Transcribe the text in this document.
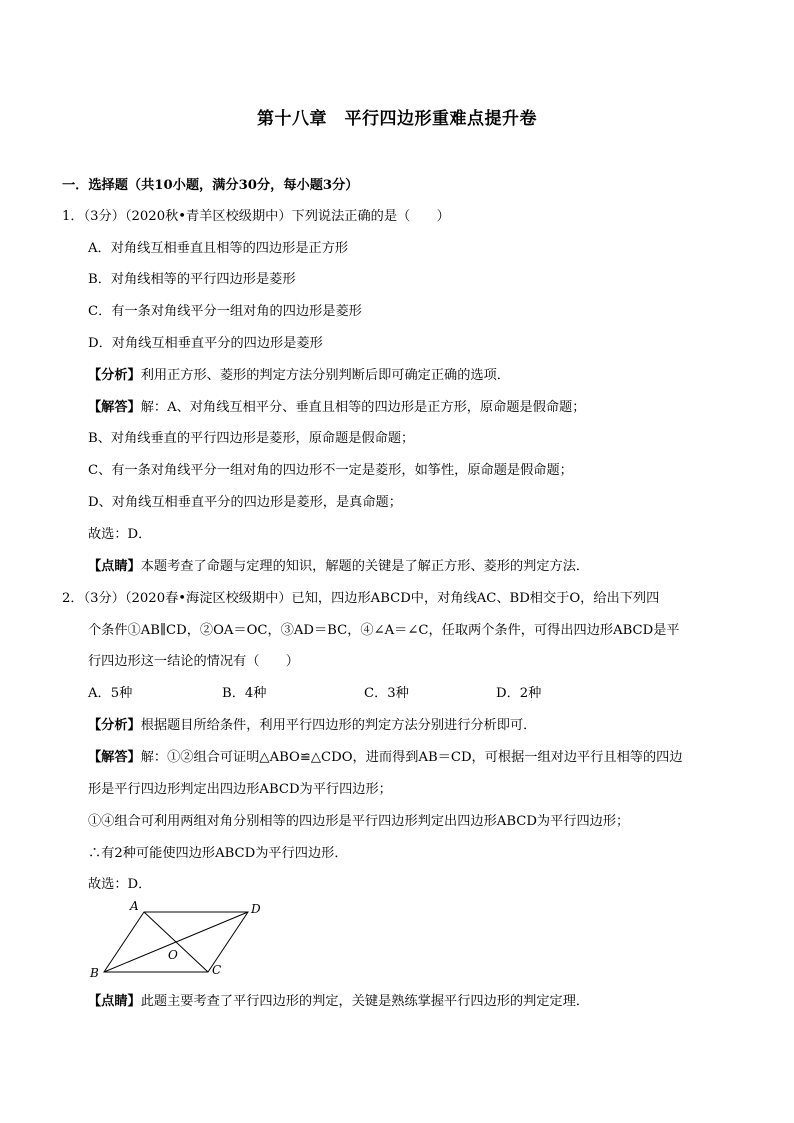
第十八章　平行四边形重难点提升卷
一．选择题（共10小题，满分30分，每小题3分）
1．（3分）（2020秋•青羊区校级期中）下列说法正确的是（　　）
A．对角线互相垂直且相等的四边形是正方形
B．对角线相等的平行四边形是菱形
C．有一条对角线平分一组对角的四边形是菱形
D．对角线互相垂直平分的四边形是菱形
【分析】利用正方形、菱形的判定方法分别判断后即可确定正确的选项．
【解答】解：A、对角线互相平分、垂直且相等的四边形是正方形，原命题是假命题；
B、对角线垂直的平行四边形是菱形，原命题是假命题；
C、有一条对角线平分一组对角的四边形不一定是菱形，如筝性，原命题是假命题；
D、对角线互相垂直平分的四边形是菱形，是真命题；
故选：D．
【点睛】本题考查了命题与定理的知识，解题的关键是了解正方形、菱形的判定方法．
2．（3分）（2020春•海淀区校级期中）已知，四边形ABCD中，对角线AC、BD相交于O，给出下列四
个条件①AB∥CD，②OA＝OC，③AD＝BC，④∠A＝∠C，任取两个条件，可得出四边形ABCD是平
行四边形这一结论的情况有（　　）
A．5种	B．4种	C．3种	D．2种
【分析】根据题目所给条件，利用平行四边形的判定方法分别进行分析即可．
【解答】解：①②组合可证明△ABO≌△CDO，进而得到AB＝CD，可根据一组对边平行且相等的四边
形是平行四边形判定出四边形ABCD为平行四边形；
①④组合可利用两组对角分别相等的四边形是平行四边形判定出四边形ABCD为平行四边形；
∴有2种可能使四边形ABCD为平行四边形．
故选：D．
A	D
B	C
O
【点睛】此题主要考查了平行四边形的判定，关键是熟练掌握平行四边形的判定定理．
